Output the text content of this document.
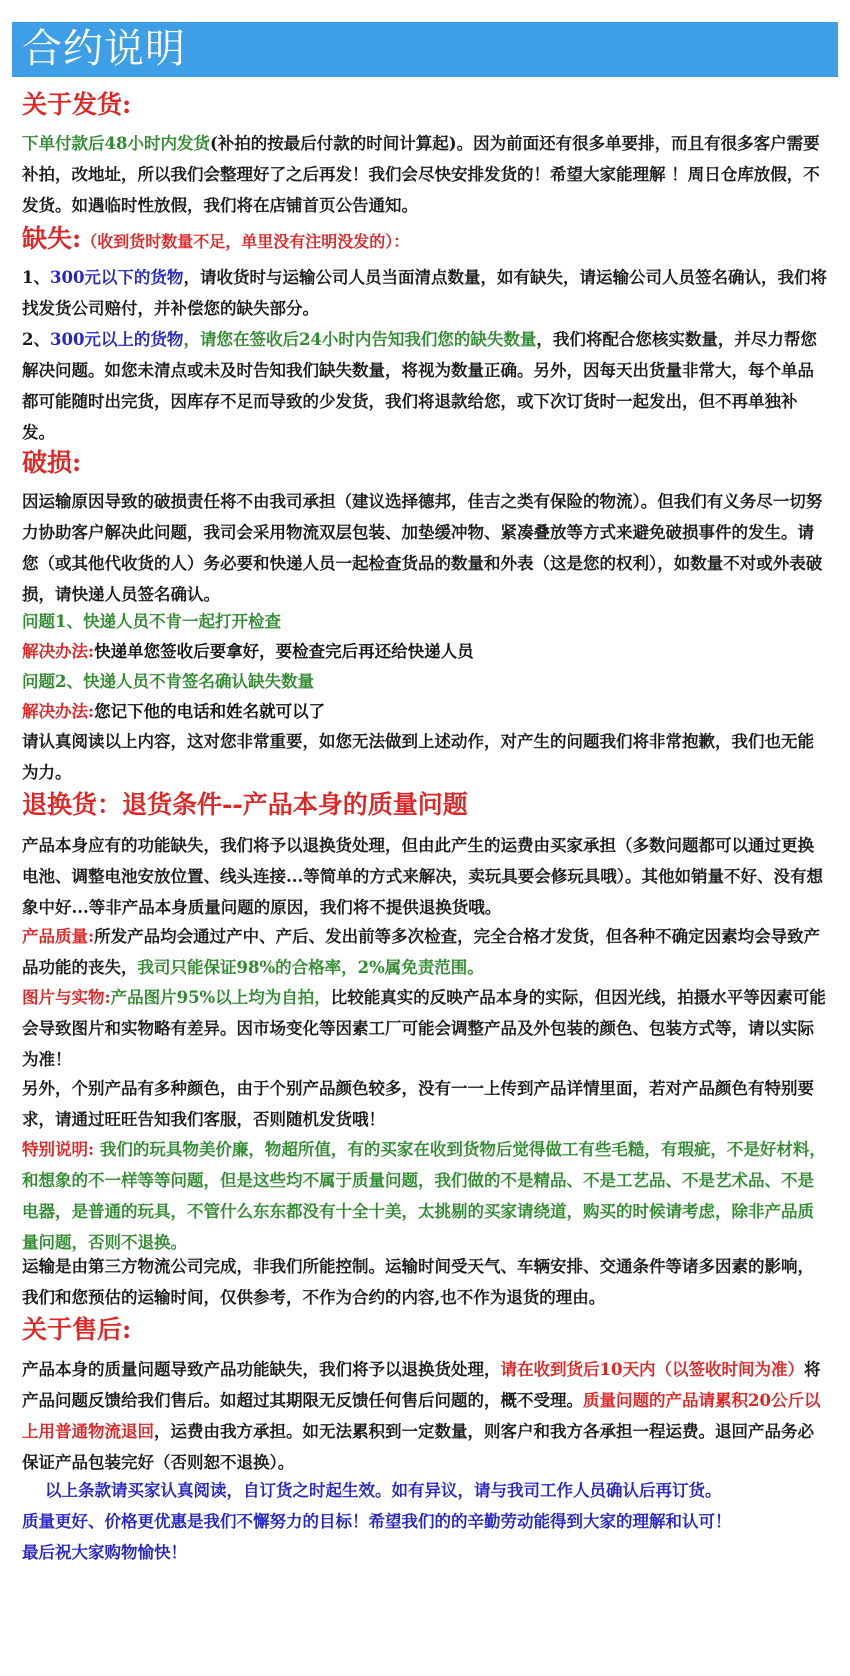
合约说明
关于发货:
下单付款后48小时内发货(补拍的按最后付款的时间计算起)。因为前面还有很多单要排，而且有很多客户需要补拍，改地址，所以我们会整理好了之后再发！我们会尽快安排发货的！希望大家能理解 ！周日仓库放假，不发货。如遇临时性放假，我们将在店铺首页公告通知。
缺失:（收到货时数量不足，单里没有注明没发的）：
1、300元以下的货物，请收货时与运输公司人员当面清点数量，如有缺失，请运输公司人员签名确认，我们将找发货公司赔付，并补偿您的缺失部分。
2、300元以上的货物，请您在签收后24小时内告知我们您的缺失数量，我们将配合您核实数量，并尽力帮您解决问题。如您未清点或未及时告知我们缺失数量，将视为数量正确。另外，因每天出货量非常大，每个单品都可能随时出完货，因库存不足而导致的少发货，我们将退款给您，或下次订货时一起发出，但不再单独补发。
破损:
因运输原因导致的破损责任将不由我司承担（建议选择德邦，佳吉之类有保险的物流）。但我们有义务尽一切努力协助客户解决此问题，我司会采用物流双层包装、加垫缓冲物、紧凑叠放等方式来避免破损事件的发生。请您（或其他代收货的人）务必要和快递人员一起检查货品的数量和外表（这是您的权利），如数量不对或外表破损，请快递人员签名确认。
问题1、快递人员不肯一起打开检查
解决办法:快递单您签收后要拿好，要检查完后再还给快递人员
问题2、快递人员不肯签名确认缺失数量
解决办法:您记下他的电话和姓名就可以了
请认真阅读以上内容，这对您非常重要，如您无法做到上述动作，对产生的问题我们将非常抱歉，我们也无能为力。
退换货：退货条件--产品本身的质量问题
产品本身应有的功能缺失，我们将予以退换货处理，但由此产生的运费由买家承担（多数问题都可以通过更换电池、调整电池安放位置、线头连接...等简单的方式来解决，卖玩具要会修玩具哦）。其他如销量不好、没有想象中好...等非产品本身质量问题的原因，我们将不提供退换货哦。
产品质量:所发产品均会通过产中、产后、发出前等多次检查，完全合格才发货，但各种不确定因素均会导致产品功能的丧失，我司只能保证98%的合格率，2%属免责范围。
图片与实物:产品图片95%以上均为自拍，比较能真实的反映产品本身的实际，但因光线，拍摄水平等因素可能会导致图片和实物略有差异。因市场变化等因素工厂可能会调整产品及外包装的颜色、包装方式等，请以实际为准！
另外，个别产品有多种颜色，由于个别产品颜色较多，没有一一上传到产品详情里面，若对产品颜色有特别要求，请通过旺旺告知我们客服，否则随机发货哦！
特别说明: 我们的玩具物美价廉，物超所值，有的买家在收到货物后觉得做工有些毛糙，有瑕疵，不是好材料，和想象的不一样等等问题，但是这些均不属于质量问题，我们做的不是精品、不是工艺品、不是艺术品、不是电器，是普通的玩具，不管什么东东都没有十全十美，太挑剔的买家请绕道，购买的时候请考虑，除非产品质量问题，否则不退换。
运输是由第三方物流公司完成，非我们所能控制。运输时间受天气、车辆安排、交通条件等诸多因素的影响，我们和您预估的运输时间，仅供参考，不作为合约的内容,也不作为退货的理由。
关于售后:
产品本身的质量问题导致产品功能缺失，我们将予以退换货处理，请在收到货后10天内（以签收时间为准）将产品问题反馈给我们售后。如超过其期限无反馈任何售后问题的，概不受理。质量问题的产品请累积20公斤以上用普通物流退回，运费由我方承担。如无法累积到一定数量，则客户和我方各承担一程运费。退回产品务必保证产品包装完好（否则恕不退换）。
以上条款请买家认真阅读，自订货之时起生效。如有异议，请与我司工作人员确认后再订货。
质量更好、价格更优惠是我们不懈努力的目标！希望我们的的辛勤劳动能得到大家的理解和认可！
最后祝大家购物愉快！
